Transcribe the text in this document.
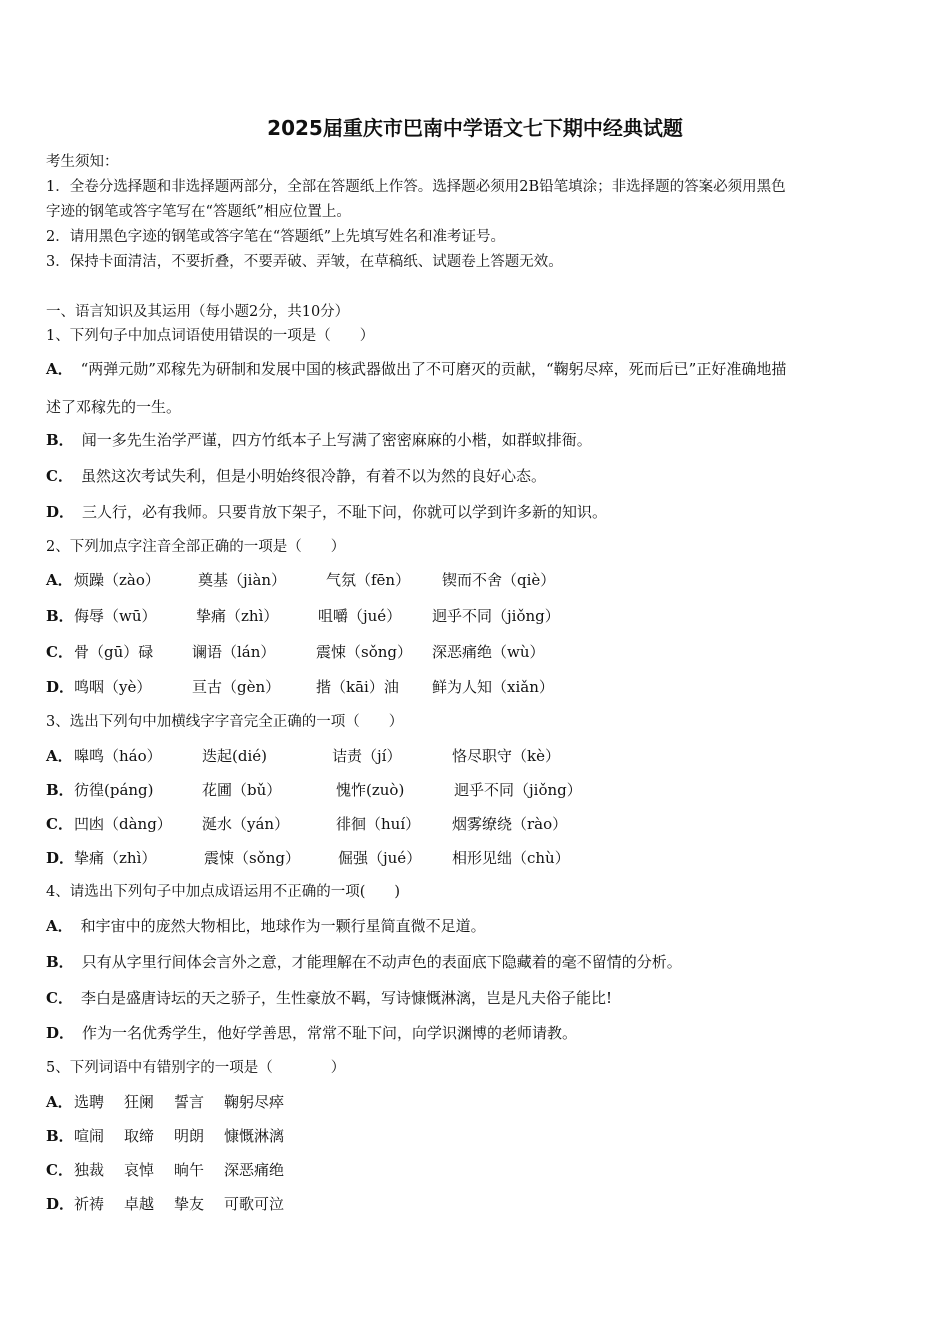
2025届重庆市巴南中学语文七下期中经典试题
考生须知：
1．全卷分选择题和非选择题两部分，全部在答题纸上作答。选择题必须用2B铅笔填涂；非选择题的答案必须用黑色
字迹的钢笔或答字笔写在“答题纸”相应位置上。
2．请用黑色字迹的钢笔或答字笔在“答题纸”上先填写姓名和准考证号。
3．保持卡面清洁，不要折叠，不要弄破、弄皱，在草稿纸、试题卷上答题无效。
一、语言知识及其运用（每小题2分，共10分）
1、下列句子中加点词语使用错误的一项是（　　）
A． “两弹元勋”邓稼先为研制和发展中国的核武器做出了不可磨灭的贡献，“鞠躬尽瘁，死而后已”正好准确地描
述了邓稼先的一生。
B． 闻一多先生治学严谨，四方竹纸本子上写满了密密麻麻的小楷，如群蚁排衙。
C． 虽然这次考试失利，但是小明始终很冷静，有着不以为然的良好心态。
D． 三人行，必有我师。只要肯放下架子，不耻下问，你就可以学到许多新的知识。
2、下列加点字注音全部正确的一项是（　　）
A． 烦躁（zào）	奠基（jiàn）	气氛（fēn） 锲而不舍（qiè）
B． 侮辱（wū）	挚痛（zhì）	咀嚼（jué） 迥乎不同（jiǒng）
C． 骨（gū）碌	谰语（lán）	震悚（sǒng） 深恶痛绝（wù）
D． 鸣咽（yè）	亘古（gèn） 揩（kāi）油 鲜为人知（xiǎn）
3、选出下列句中加横线字字音完全正确的一项（　　）
A． 嗥鸣（háo）	迭起(dié)	诘责（jí）	恪尽职守（kè）
B． 彷徨(páng)	花圃（bǔ）	愧怍(zuò)	迥乎不同（jiǒng）
C． 凹凼（dàng） 涎水（yán）	徘徊（huí） 烟雾缭绕（rào）
D． 挚痛（zhì）	震悚（sǒng）	倔强（jué） 相形见绌（chù）
4、请选出下列句子中加点成语运用不正确的一项(　　)
A． 和宇宙中的庞然大物相比，地球作为一颗行星简直微不足道。
B． 只有从字里行间体会言外之意，才能理解在不动声色的表面底下隐藏着的毫不留情的分析。
C． 李白是盛唐诗坛的天之骄子，生性豪放不羁，写诗慷慨淋漓，岂是凡夫俗子能比!
D． 作为一名优秀学生，他好学善思，常常不耻下问，向学识渊博的老师请教。
5、下列词语中有错别字的一项是（　　　　）
A． 选聘 狂阑 誓言 鞠躬尽瘁
B． 喧闹 取缔 明朗 慷慨淋漓
C． 独裁 哀悼 晌午 深恶痛绝
D． 祈祷 卓越 挚友 可歌可泣
